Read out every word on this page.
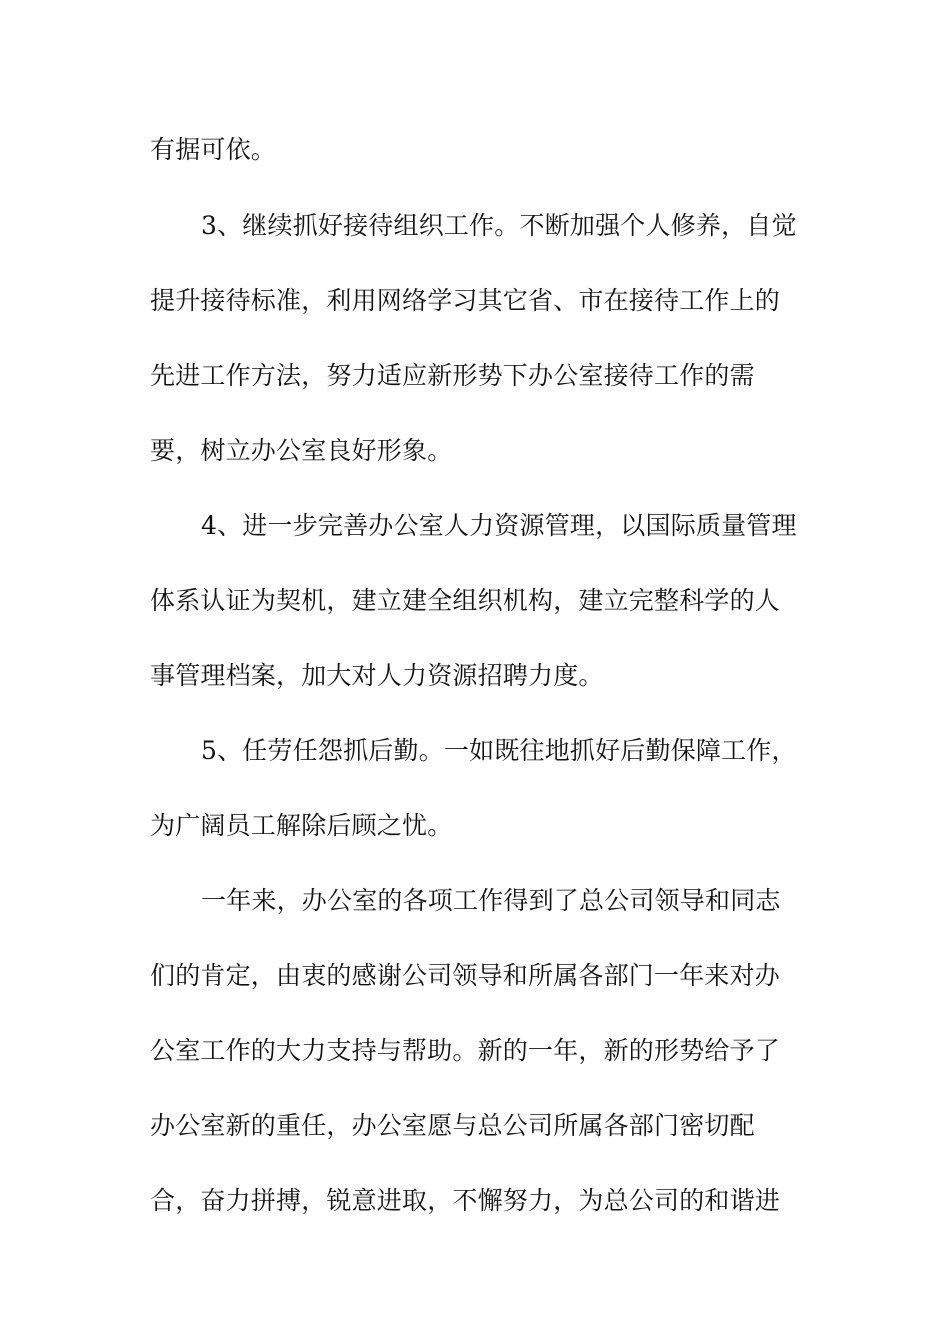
有据可依。

3、继续抓好接待组织工作。不断加强个人修养，自觉

提升接待标准，利用网络学习其它省、市在接待工作上的

先进工作方法，努力适应新形势下办公室接待工作的需

要，树立办公室良好形象。

4、进一步完善办公室人力资源管理，以国际质量管理

体系认证为契机，建立建全组织机构，建立完整科学的人

事管理档案，加大对人力资源招聘力度。

5、任劳任怨抓后勤。一如既往地抓好后勤保障工作，

为广阔员工解除后顾之忧。

一年来，办公室的各项工作得到了总公司领导和同志

们的肯定，由衷的感谢公司领导和所属各部门一年来对办

公室工作的大力支持与帮助。新的一年，新的形势给予了

办公室新的重任，办公室愿与总公司所属各部门密切配

合，奋力拼搏，锐意进取，不懈努力，为总公司的和谐进
